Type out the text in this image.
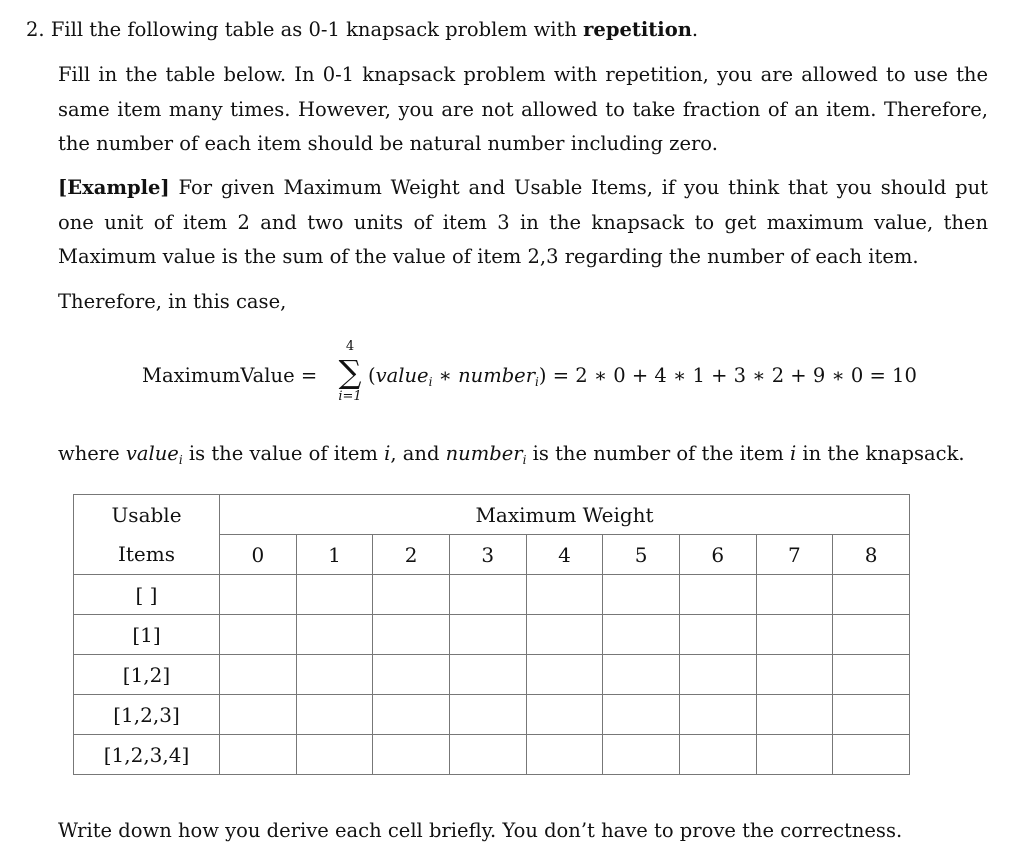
2. Fill the following table as 0-1 knapsack problem with repetition.
Fill in the table below. In 0-1 knapsack problem with repetition, you are allowed to use the same item many times. However, you are not allowed to take fraction of an item. Therefore, the number of each item should be natural number including zero.
[Example] For given Maximum Weight and Usable Items, if you think that you should put one unit of item 2 and two units of item 3 in the knapsack to get maximum value, then Maximum value is the sum of the value of item 2,3 regarding the number of each item.
Therefore, in this case,
MaximumValue =
4
∑
i=1
(value$_i$ ∗ number$_i$) = 2 ∗ 0 + 4 ∗ 1 + 3 ∗ 2 + 9 ∗ 0 = 10
where value$_i$ is the value of item i, and number$_i$ is the number of the item i in the knapsack.
Usable	Maximum Weight								
Items	0	1	2	3	4	5	6	7	8
[ ]									
[1]									
[1,2]									
[1,2,3]									
[1,2,3,4]									
Write down how you derive each cell briefly. You don’t have to prove the correctness.
